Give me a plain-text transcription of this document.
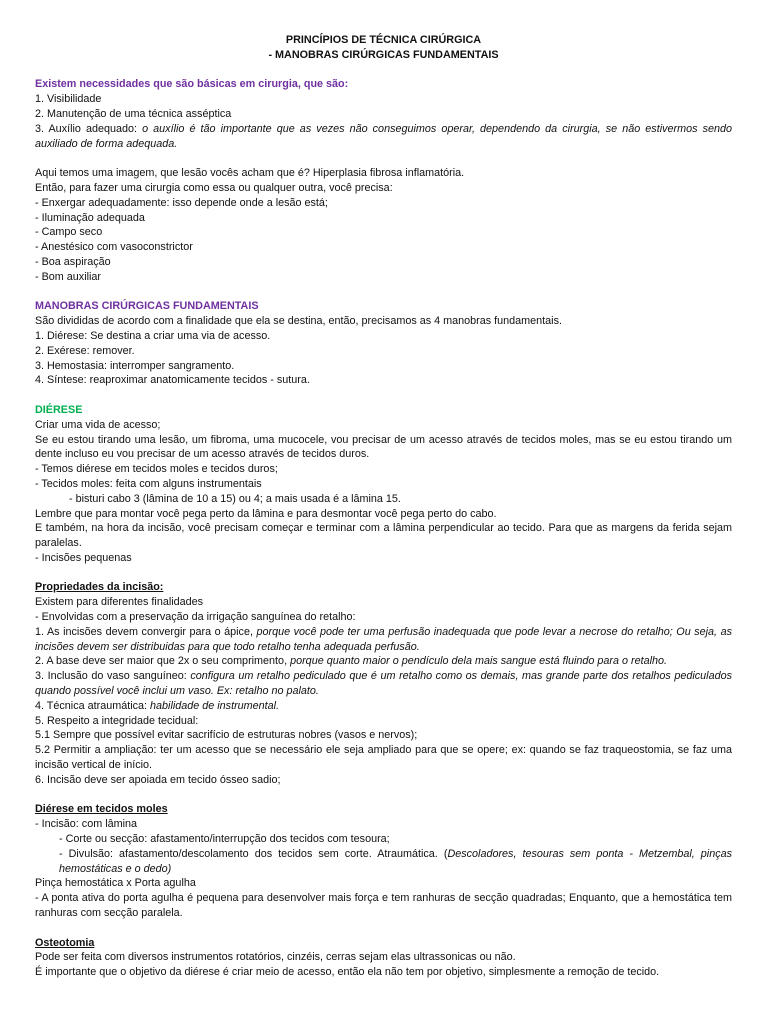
PRINCÍPIOS DE TÉCNICA CIRÚRGICA
- MANOBRAS CIRÚRGICAS FUNDAMENTAIS

Existem necessidades que são básicas em cirurgia, que são:

1. Visibilidade

2. Manutenção de uma técnica asséptica

3. Auxílio adequado: o auxílio é tão importante que as vezes não conseguimos operar, dependendo da cirurgia, se não estivermos sendo auxiliado de forma adequada.

Aqui temos uma imagem, que lesão vocês acham que é? Hiperplasia fibrosa inflamatória.

Então, para fazer uma cirurgia como essa ou qualquer outra, você precisa:

- Enxergar adequadamente: isso depende onde a lesão está;

- Iluminação adequada

- Campo seco

- Anestésico com vasoconstrictor

- Boa aspiração

- Bom auxiliar

MANOBRAS CIRÚRGICAS FUNDAMENTAIS

São divididas de acordo com a finalidade que ela se destina, então, precisamos as 4 manobras fundamentais.

1. Diérese: Se destina a criar uma via de acesso.

2. Exérese: remover.

3. Hemostasia: interromper sangramento.

4. Síntese: reaproximar anatomicamente tecidos - sutura.

DIÉRESE

Criar uma vida de acesso;

Se eu estou tirando uma lesão, um fibroma, uma mucocele, vou precisar de um acesso através de tecidos moles, mas se eu estou tirando um dente incluso eu vou precisar de um acesso através de tecidos duros.

- Temos diérese em tecidos moles e tecidos duros;

- Tecidos moles: feita com alguns instrumentais

- bisturi cabo 3 (lâmina de 10 a 15) ou 4; a mais usada é a lâmina 15.

Lembre que para montar você pega perto da lâmina e para desmontar você pega perto do cabo.

E também, na hora da incisão, você precisam começar e terminar com a lâmina perpendicular ao tecido. Para que as margens da ferida sejam paralelas.

- Incisões pequenas

Propriedades da incisão:

Existem para diferentes finalidades

- Envolvidas com a preservação da irrigação sanguínea do retalho:

1. As incisões devem convergir para o ápice, porque você pode ter uma perfusão inadequada que pode levar a necrose do retalho; Ou seja, as incisões devem ser distribuidas para que todo retalho tenha adequada perfusão.

2. A base deve ser maior que 2x o seu comprimento, porque quanto maior o pendículo dela mais sangue está fluindo para o retalho.

3. Inclusão do vaso sanguíneo: configura um retalho pediculado que é um retalho como os demais, mas grande parte dos retalhos pediculados quando possível você inclui um vaso. Ex: retalho no palato.

4. Técnica atraumática: habilidade de instrumental.

5. Respeito a integridade tecidual:

5.1 Sempre que possível evitar sacrifício de estruturas nobres (vasos e nervos);

5.2 Permitir a ampliação: ter um acesso que se necessário ele seja ampliado para que se opere; ex: quando se faz traqueostomia, se faz uma incisão vertical de início.

6. Incisão deve ser apoiada em tecido ósseo sadio;

Diérese em tecidos moles

- Incisão: com lâmina

- Corte ou secção: afastamento/interrupção dos tecidos com tesoura;

- Divulsão: afastamento/descolamento dos tecidos sem corte. Atraumática. (Descoladores, tesouras sem ponta - Metzembal, pinças hemostáticas e o dedo)

Pinça hemostática x Porta agulha

- A ponta ativa do porta agulha é pequena para desenvolver mais força e tem ranhuras de secção quadradas; Enquanto, que a hemostática tem ranhuras com secção paralela.

Osteotomia

Pode ser feita com diversos instrumentos rotatórios, cinzéis, cerras sejam elas ultrassonicas ou não.

É importante que o objetivo da diérese é criar meio de acesso, então ela não tem por objetivo, simplesmente a remoção de tecido.
